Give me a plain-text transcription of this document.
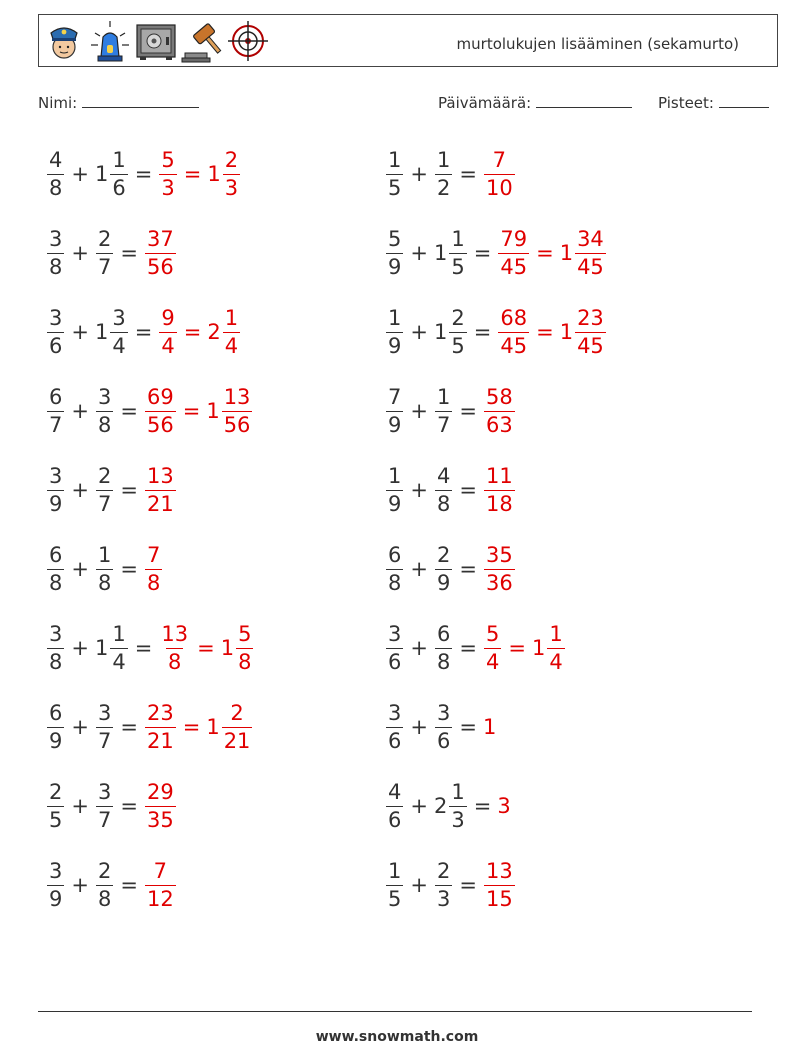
murtolukujen lisääminen (sekamurto)
Nimi:	Päivämäärä:	Pisteet:
$\frac{4}{8} + 1 \frac{1}{6} = \frac{5}{3} = 1 \frac{2}{3}$	$\frac{1}{5} + \frac{1}{2} = \frac{7}{10}$
$\frac{3}{8} + \frac{2}{7} = \frac{37}{56}$	$\frac{5}{9} + 1 \frac{1}{5} = \frac{79}{45} = 1 \frac{34}{45}$
$\frac{3}{6} + 1 \frac{3}{4} = \frac{9}{4} = 2 \frac{1}{4}$	$\frac{1}{9} + 1 \frac{2}{5} = \frac{68}{45} = 1 \frac{23}{45}$
$\frac{6}{7} + \frac{3}{8} = \frac{69}{56} = 1 \frac{13}{56}$	$\frac{7}{9} + \frac{1}{7} = \frac{58}{63}$
$\frac{3}{9} + \frac{2}{7} = \frac{13}{21}$	$\frac{1}{9} + \frac{4}{8} = \frac{11}{18}$
$\frac{6}{8} + \frac{1}{8} = \frac{7}{8}$	$\frac{6}{8} + \frac{2}{9} = \frac{35}{36}$
$\frac{3}{8} + 1 \frac{1}{4} = \frac{13}{8} = 1 \frac{5}{8}$	$\frac{3}{6} + \frac{6}{8} = \frac{5}{4} = 1 \frac{1}{4}$
$\frac{6}{9} + \frac{3}{7} = \frac{23}{21} = 1 \frac{2}{21}$	$\frac{3}{6} + \frac{3}{6} = 1$
$\frac{2}{5} + \frac{3}{7} = \frac{29}{35}$	$\frac{4}{6} + 2 \frac{1}{3} = 3$
$\frac{3}{9} + \frac{2}{8} = \frac{7}{12}$	$\frac{1}{5} + \frac{2}{3} = \frac{13}{15}$
www.snowmath.com
